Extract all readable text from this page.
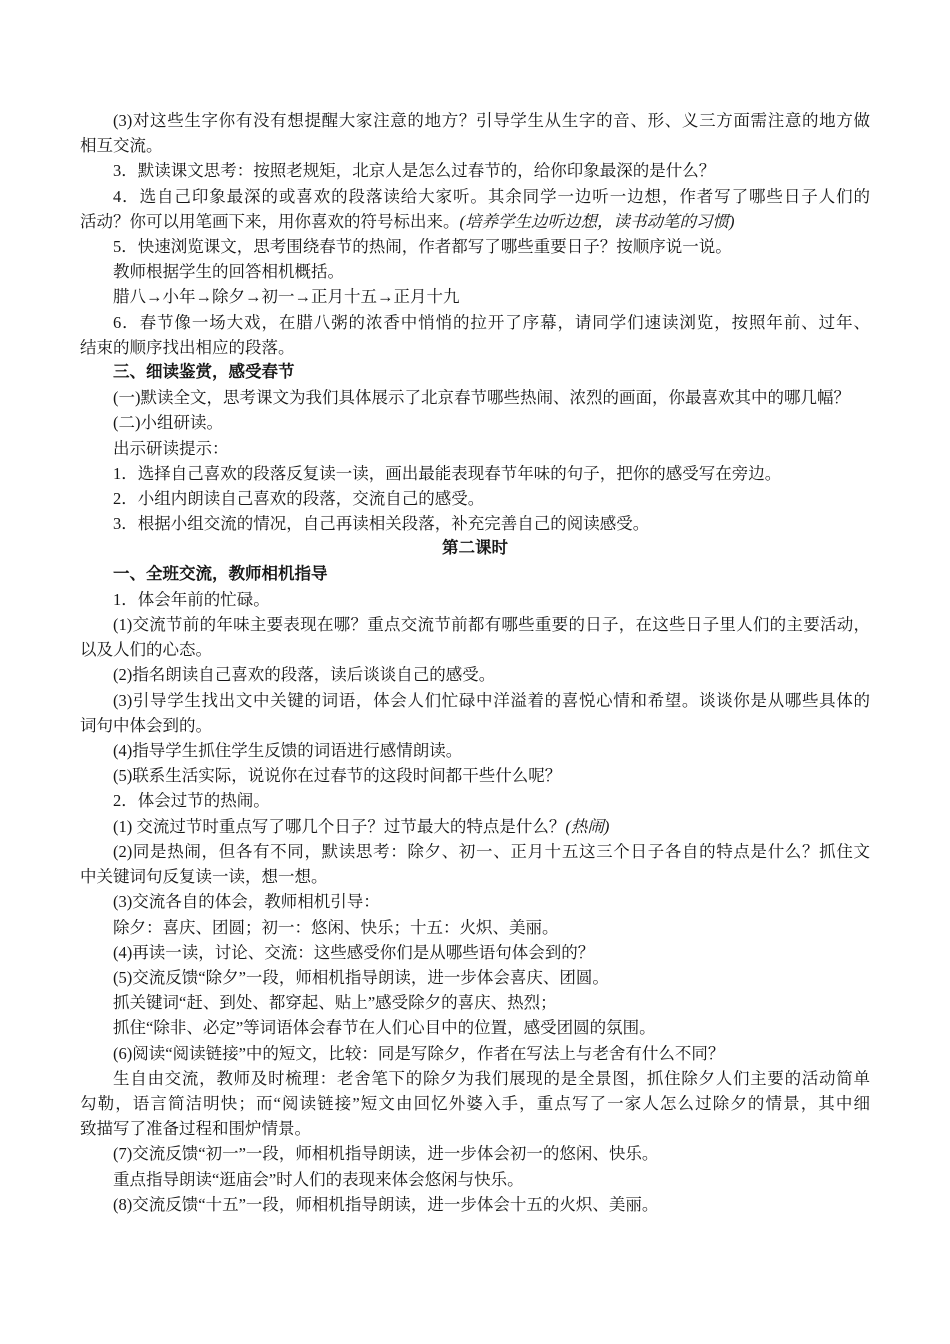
(3)对这些生字你有没有想提醒大家注意的地方？引导学生从生字的音、形、义三方面需注意的地方做
相互交流。
3．默读课文思考：按照老规矩，北京人是怎么过春节的，给你印象最深的是什么？
4．选自己印象最深的或喜欢的段落读给大家听。其余同学一边听一边想，作者写了哪些日子人们的
活动？你可以用笔画下来，用你喜欢的符号标出来。(培养学生边听边想，读书动笔的习惯)
5．快速浏览课文，思考围绕春节的热闹，作者都写了哪些重要日子？按顺序说一说。
教师根据学生的回答相机概括。
腊八→小年→除夕→初一→正月十五→正月十九
6．春节像一场大戏，在腊八粥的浓香中悄悄的拉开了序幕，请同学们速读浏览，按照年前、过年、
结束的顺序找出相应的段落。
三、细读鉴赏，感受春节
(一)默读全文，思考课文为我们具体展示了北京春节哪些热闹、浓烈的画面，你最喜欢其中的哪几幅？
(二)小组研读。
出示研读提示：
1．选择自己喜欢的段落反复读一读，画出最能表现春节年味的句子，把你的感受写在旁边。
2．小组内朗读自己喜欢的段落，交流自己的感受。
3．根据小组交流的情况，自己再读相关段落，补充完善自己的阅读感受。
第二课时
一、全班交流，教师相机指导
1．体会年前的忙碌。
(1)交流节前的年味主要表现在哪？重点交流节前都有哪些重要的日子，在这些日子里人们的主要活动，
以及人们的心态。
(2)指名朗读自己喜欢的段落，读后谈谈自己的感受。
(3)引导学生找出文中关键的词语，体会人们忙碌中洋溢着的喜悦心情和希望。谈谈你是从哪些具体的
词句中体会到的。
(4)指导学生抓住学生反馈的词语进行感情朗读。
(5)联系生活实际，说说你在过春节的这段时间都干些什么呢？
2．体会过节的热闹。
(1) 交流过节时重点写了哪几个日子？过节最大的特点是什么？(热闹)
(2)同是热闹，但各有不同，默读思考：除夕、初一、正月十五这三个日子各自的特点是什么？抓住文
中关键词句反复读一读，想一想。
(3)交流各自的体会，教师相机引导：
除夕：喜庆、团圆；初一：悠闲、快乐；十五：火炽、美丽。
(4)再读一读，讨论、交流：这些感受你们是从哪些语句体会到的？
(5)交流反馈“除夕”一段，师相机指导朗读，进一步体会喜庆、团圆。
抓关键词“赶、到处、都穿起、贴上”感受除夕的喜庆、热烈；
抓住“除非、必定”等词语体会春节在人们心目中的位置，感受团圆的氛围。
(6)阅读“阅读链接”中的短文，比较：同是写除夕，作者在写法上与老舍有什么不同？
生自由交流，教师及时梳理：老舍笔下的除夕为我们展现的是全景图，抓住除夕人们主要的活动简单
勾勒，语言简洁明快；而“阅读链接”短文由回忆外婆入手，重点写了一家人怎么过除夕的情景，其中细
致描写了准备过程和围炉情景。
(7)交流反馈“初一”一段，师相机指导朗读，进一步体会初一的悠闲、快乐。
重点指导朗读“逛庙会”时人们的表现来体会悠闲与快乐。
(8)交流反馈“十五”一段，师相机指导朗读，进一步体会十五的火炽、美丽。
